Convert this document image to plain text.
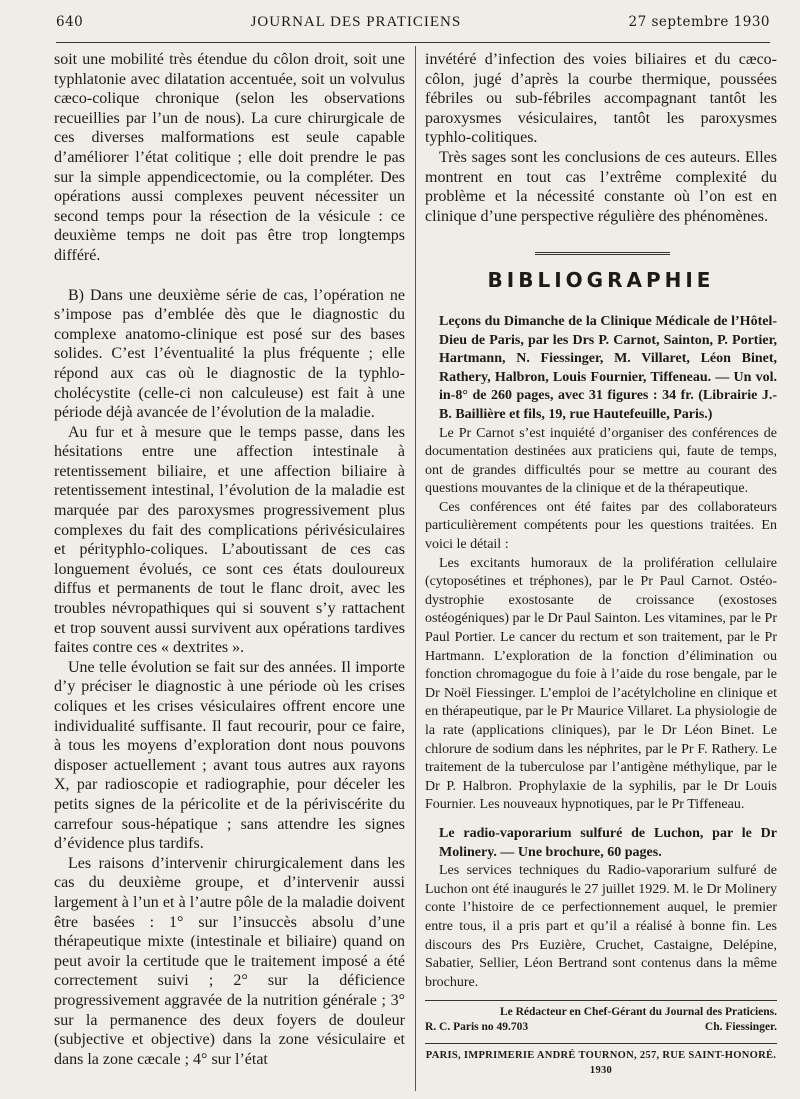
640	JOURNAL DES PRATICIENS	27 septembre 1930

soit une mobilité très étendue du côlon droit, soit une typhlatonie avec dilatation accentuée, soit un volvulus cæco-colique chronique (selon les observations recueillies par l’un de nous). La cure chirurgicale de ces diverses malformations est seule capable d’améliorer l’état colitique ; elle doit prendre le pas sur la simple appendicectomie, ou la compléter. Des opérations aussi complexes peuvent nécessiter un second temps pour la résection de la vésicule : ce deuxième temps ne doit pas être trop longtemps différé.

B) Dans une deuxième série de cas, l’opération ne s’impose pas d’emblée dès que le diagnostic du complexe anatomo-clinique est posé sur des bases solides. C’est l’éventualité la plus fréquente ; elle répond aux cas où le diagnostic de la typhlo-cholécystite (celle-ci non calculeuse) est fait à une période déjà avancée de l’évolution de la maladie.

Au fur et à mesure que le temps passe, dans les hésitations entre une affection intestinale à retentissement biliaire, et une affection biliaire à retentissement intestinal, l’évolution de la maladie est marquée par des paroxysmes progressivement plus complexes du fait des complications périvésiculaires et pérityphlo-coliques. L’aboutissant de ces cas longuement évolués, ce sont ces états douloureux diffus et permanents de tout le flanc droit, avec les troubles névropathiques qui si souvent s’y rattachent et trop souvent aussi survivent aux opérations tardives faites contre ces « dextrites ».

Une telle évolution se fait sur des années. Il importe d’y préciser le diagnostic à une période où les crises coliques et les crises vésiculaires offrent encore une individualité suffisante. Il faut recourir, pour ce faire, à tous les moyens d’exploration dont nous pouvons disposer actuellement ; avant tous autres aux rayons X, par radioscopie et radiographie, pour déceler les petits signes de la péricolite et de la périviscérite du carrefour sous-hépatique ; sans attendre les signes d’évidence plus tardifs.

Les raisons d’intervenir chirurgicalement dans les cas du deuxième groupe, et d’intervenir aussi largement à l’un et à l’autre pôle de la maladie doivent être basées : 1° sur l’insuccès absolu d’une thérapeutique mixte (intestinale et biliaire) quand on peut avoir la certitude que le traitement imposé a été correctement suivi ; 2° sur la déficience progressivement aggravée de la nutrition générale ; 3° sur la permanence des deux foyers de douleur (subjective et objective) dans la zone vésiculaire et dans la zone cæcale ; 4° sur l’état

invétéré d’infection des voies biliaires et du cæco-côlon, jugé d’après la courbe thermique, poussées fébriles ou sub-fébriles accompagnant tantôt les paroxysmes vésiculaires, tantôt les paroxysmes typhlo-colitiques.

Très sages sont les conclusions de ces auteurs. Elles montrent en tout cas l’extrême complexité du problème et la nécessité constante où l’on est en clinique d’une perspective régulière des phénomènes.

BIBLIOGRAPHIE

Leçons du Dimanche de la Clinique Médicale de l’Hôtel-Dieu de Paris, par les Drs P. Carnot, Sainton, P. Portier, Hartmann, N. Fiessinger, M. Villaret, Léon Binet, Rathery, Halbron, Louis Fournier, Tiffeneau. — Un vol. in-8° de 260 pages, avec 31 figures : 34 fr. (Librairie J.-B. Baillière et fils, 19, rue Hautefeuille, Paris.)

Le Pr Carnot s’est inquiété d’organiser des conférences de documentation destinées aux praticiens qui, faute de temps, ont de grandes difficultés pour se mettre au courant des questions mouvantes de la clinique et de la thérapeutique.

Ces conférences ont été faites par des collaborateurs particulièrement compétents pour les questions traitées. En voici le détail :

Les excitants humoraux de la prolifération cellulaire (cytoposétines et tréphones), par le Pr Paul Carnot. Ostéo-dystrophie exostosante de croissance (exostoses ostéogéniques) par le Dr Paul Sainton. Les vitamines, par le Pr Paul Portier. Le cancer du rectum et son traitement, par le Pr Hartmann. L’exploration de la fonction d’élimination ou fonction chromagogue du foie à l’aide du rose bengale, par le Dr Noël Fiessinger. L’emploi de l’acétylcholine en clinique et en thérapeutique, par le Pr Maurice Villaret. La physiologie de la rate (applications cliniques), par le Dr Léon Binet. Le chlorure de sodium dans les néphrites, par le Pr F. Rathery. Le traitement de la tuberculose par l’antigène méthylique, par le Dr P. Halbron. Prophylaxie de la syphilis, par le Dr Louis Fournier. Les nouveaux hypnotiques, par le Pr Tiffeneau.

Le radio-vaporarium sulfuré de Luchon, par le Dr Molinery. — Une brochure, 60 pages.

Les services techniques du Radio-vaporarium sulfuré de Luchon ont été inaugurés le 27 juillet 1929. M. le Dr Molinery conte l’histoire de ce perfectionnement auquel, le premier entre tous, il a pris part et qu’il a réalisé à bonne fin. Les discours des Prs Euzière, Cruchet, Castaigne, Delépine, Sabatier, Sellier, Léon Bertrand sont contenus dans la même brochure.

Le Rédacteur en Chef-Gérant du Journal des Praticiens.
R. C. Paris no 49.703	Ch. Fiessinger.
PARIS, IMPRIMERIE ANDRÉ TOURNON, 257, RUE SAINT-HONORÉ. 1930
